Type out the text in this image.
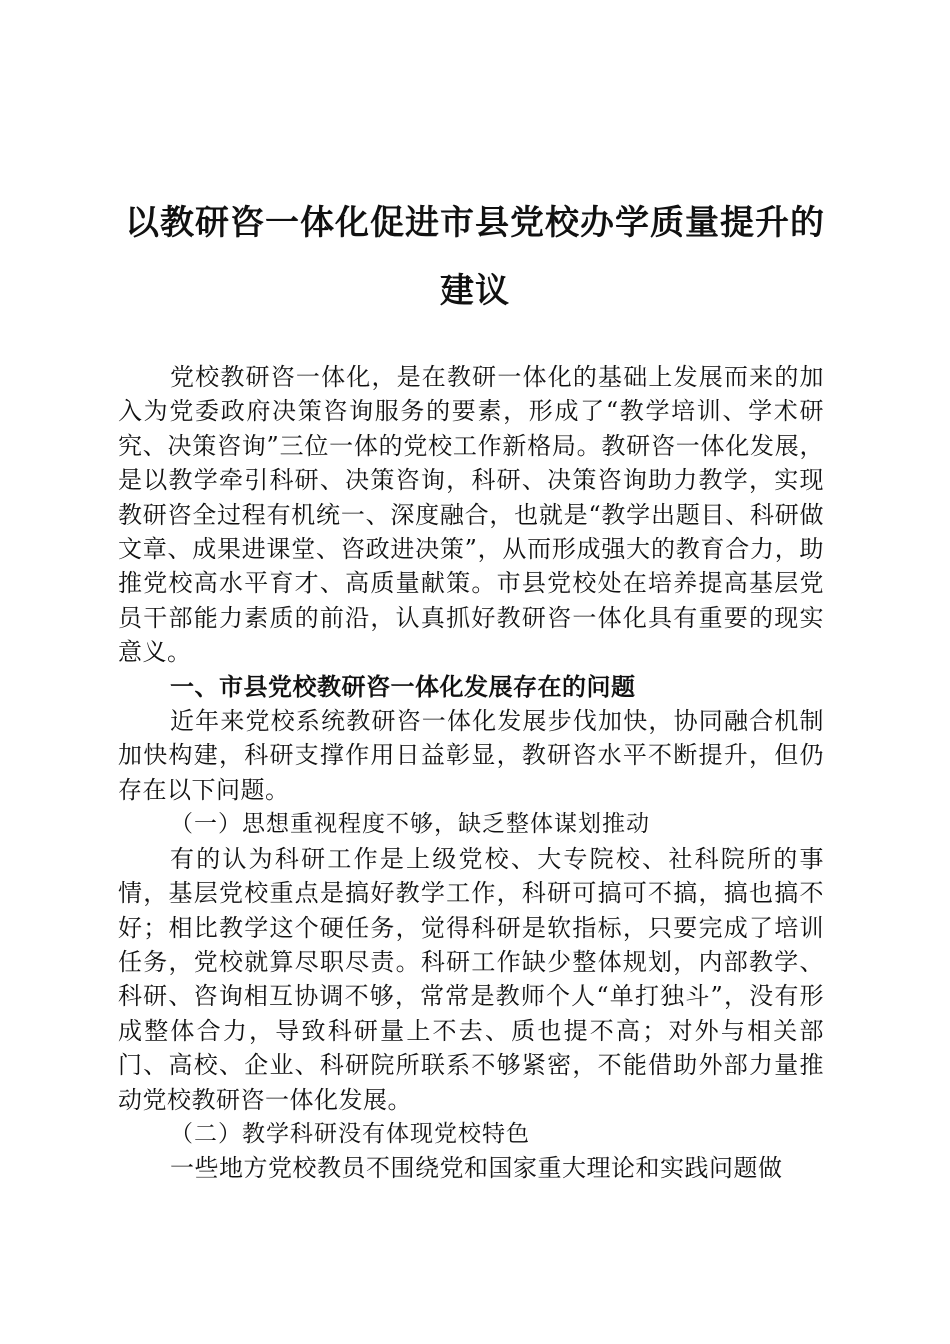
以教研咨一体化促进市县党校办学质量提升的
建议

党校教研咨一体化，是在教研一体化的基础上发展而来的加入为党委政府决策咨询服务的要素，形成了“教学培训、学术研究、决策咨询”三位一体的党校工作新格局。教研咨一体化发展，是以教学牵引科研、决策咨询，科研、决策咨询助力教学，实现教研咨全过程有机统一、深度融合，也就是“教学出题目、科研做文章、成果进课堂、咨政进决策”，从而形成强大的教育合力，助推党校高水平育才、高质量献策。市县党校处在培养提高基层党员干部能力素质的前沿，认真抓好教研咨一体化具有重要的现实意义。

一、市县党校教研咨一体化发展存在的问题

近年来党校系统教研咨一体化发展步伐加快，协同融合机制加快构建，科研支撑作用日益彰显，教研咨水平不断提升，但仍存在以下问题。

（一）思想重视程度不够，缺乏整体谋划推动

有的认为科研工作是上级党校、大专院校、社科院所的事情，基层党校重点是搞好教学工作，科研可搞可不搞，搞也搞不好；相比教学这个硬任务，觉得科研是软指标，只要完成了培训任务，党校就算尽职尽责。科研工作缺少整体规划，内部教学、科研、咨询相互协调不够，常常是教师个人“单打独斗”，没有形成整体合力，导致科研量上不去、质也提不高；对外与相关部门、高校、企业、科研院所联系不够紧密，不能借助外部力量推动党校教研咨一体化发展。

（二）教学科研没有体现党校特色

一些地方党校教员不围绕党和国家重大理论和实践问题做
